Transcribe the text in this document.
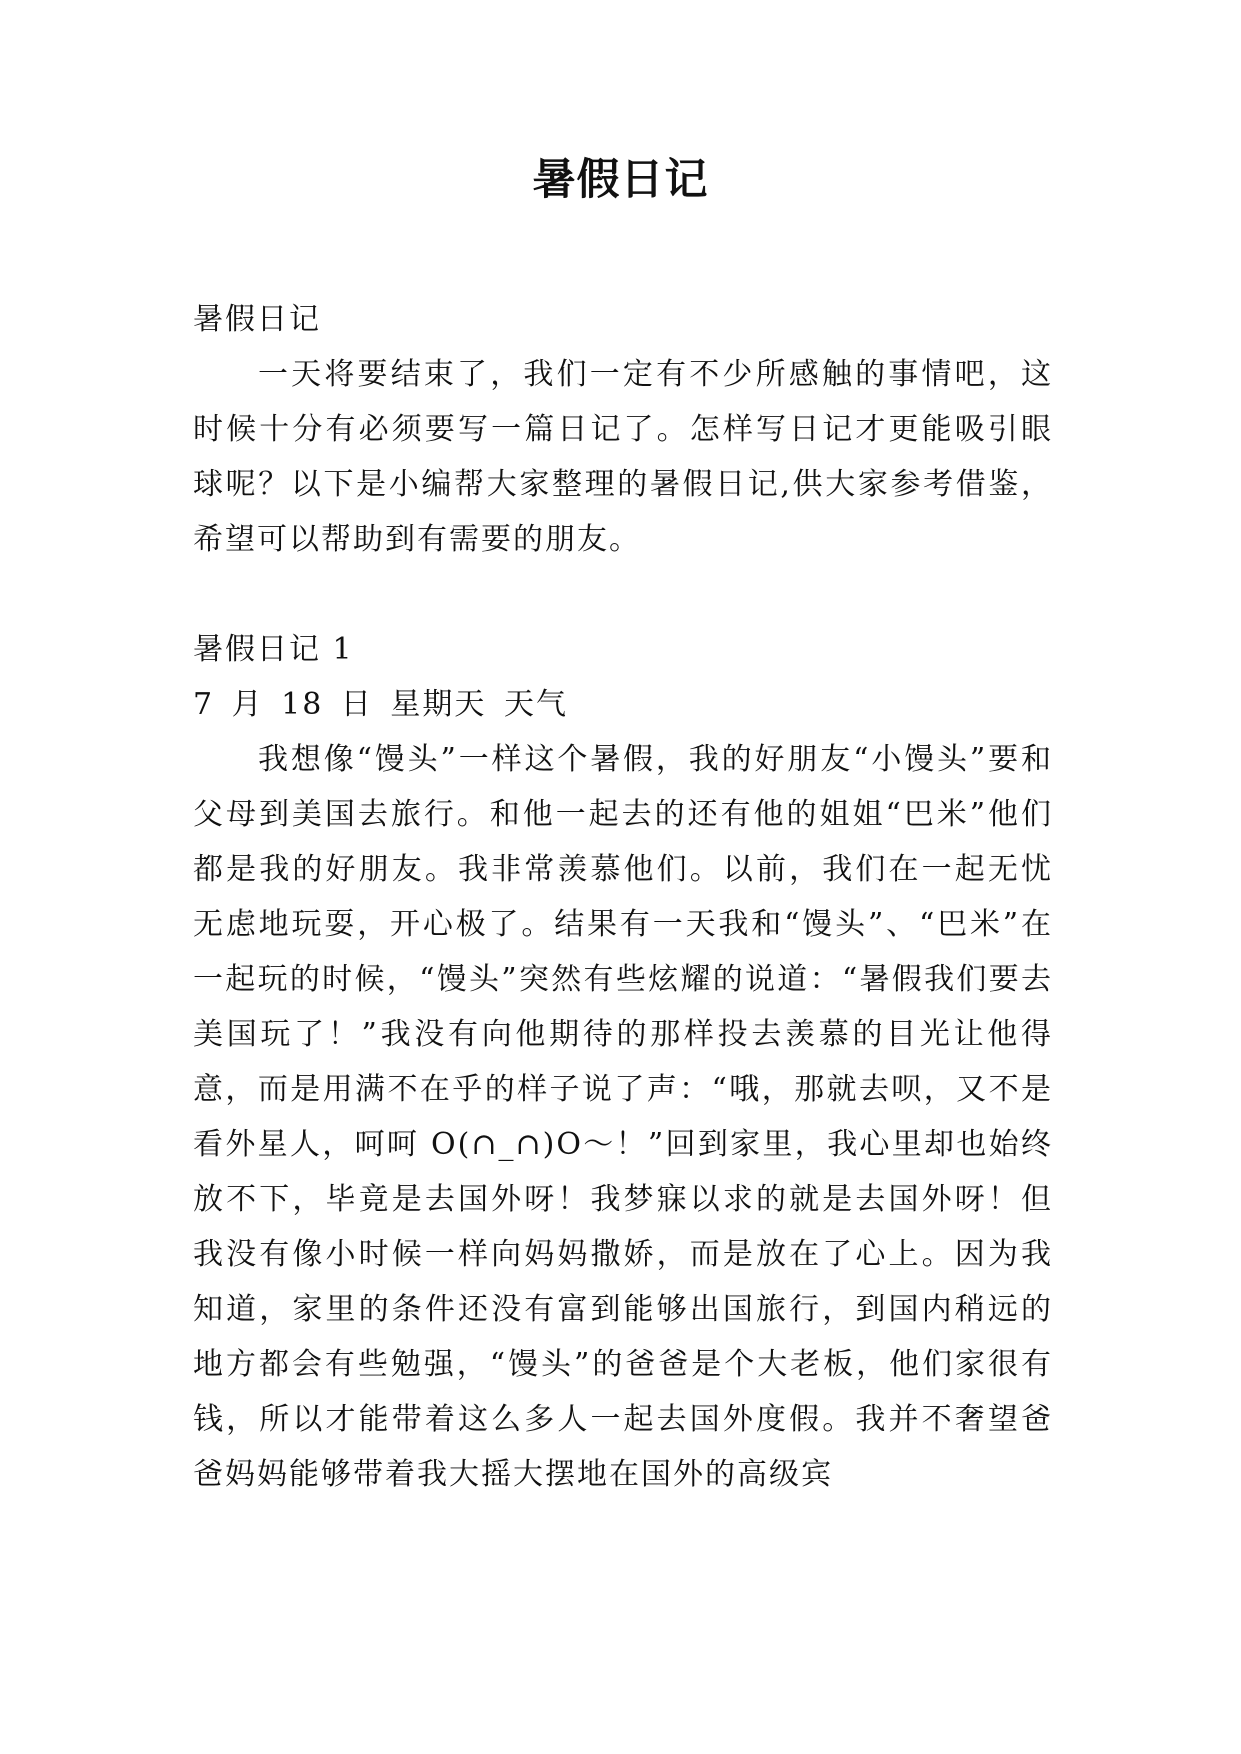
暑假日记

暑假日记

一天将要结束了，我们一定有不少所感触的事情吧，这时候十分有必须要写一篇日记了。怎样写日记才更能吸引眼球呢？以下是小编帮大家整理的暑假日记,供大家参考借鉴，希望可以帮助到有需要的朋友。

暑假日记 1

7 月 18 日 星期天 天气

我想像“馒头”一样这个暑假，我的好朋友“小馒头”要和父母到美国去旅行。和他一起去的还有他的姐姐“巴米”他们都是我的好朋友。我非常羡慕他们。以前，我们在一起无忧无虑地玩耍，开心极了。结果有一天我和“馒头”、“巴米”在一起玩的时候，“馒头”突然有些炫耀的说道：“暑假我们要去美国玩了！”我没有向他期待的那样投去羡慕的目光让他得意，而是用满不在乎的样子说了声：“哦，那就去呗，又不是看外星人，呵呵 O(∩_∩)O～！”回到家里，我心里却也始终放不下，毕竟是去国外呀！我梦寐以求的就是去国外呀！但我没有像小时候一样向妈妈撒娇，而是放在了心上。因为我知道，家里的条件还没有富到能够出国旅行，到国内稍远的地方都会有些勉强，“馒头”的爸爸是个大老板，他们家很有钱，所以才能带着这么多人一起去国外度假。我并不奢望爸爸妈妈能够带着我大摇大摆地在国外的高级宾
